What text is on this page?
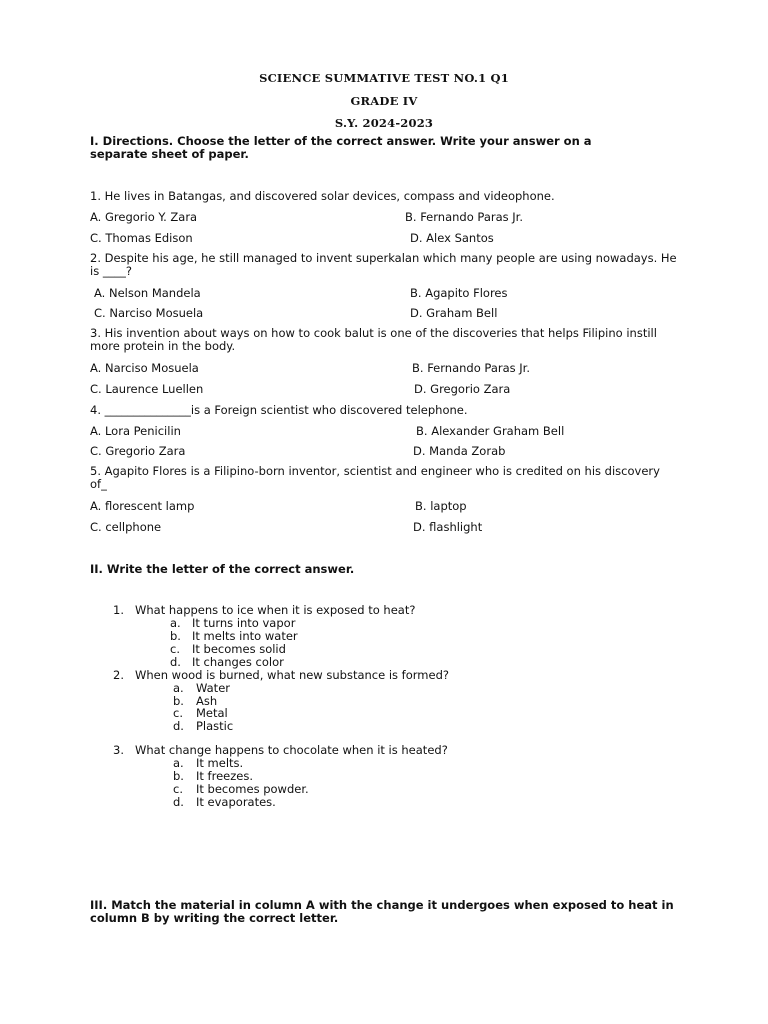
SCIENCE SUMMATIVE TEST NO.1 Q1
GRADE IV
S.Y. 2024-2023
I. Directions. Choose the letter of the correct answer. Write your answer on a separate sheet of paper.
1. He lives in Batangas, and discovered solar devices, compass and videophone.
A. Gregorio Y. Zara	B. Fernando Paras Jr.
C. Thomas Edison	D. Alex Santos
2. Despite his age, he still managed to invent superkalan which many people are using nowadays. He is ____?
A. Nelson Mandela	B. Agapito Flores
C. Narciso Mosuela	D. Graham Bell
3. His invention about ways on how to cook balut is one of the discoveries that helps Filipino instill more protein in the body.
A. Narciso Mosuela	B. Fernando Paras Jr.
C. Laurence Luellen	D. Gregorio Zara
4. _______________is a Foreign scientist who discovered telephone.
A. Lora Penicilin	B. Alexander Graham Bell
C. Gregorio Zara	D. Manda Zorab
5. Agapito Flores is a Filipino-born inventor, scientist and engineer who is credited on his discovery of_
A. florescent lamp	B. laptop
C. cellphone	D. flashlight
II. Write the letter of the correct answer.
1. What happens to ice when it is exposed to heat?
a. It turns into vapor
b. It melts into water
c. It becomes solid
d. It changes color
2. When wood is burned, what new substance is formed?
a. Water
b. Ash
c. Metal
d. Plastic
3. What change happens to chocolate when it is heated?
a. It melts.
b. It freezes.
c. It becomes powder.
d. It evaporates.
III. Match the material in column A with the change it undergoes when exposed to heat in column B by writing the correct letter.
